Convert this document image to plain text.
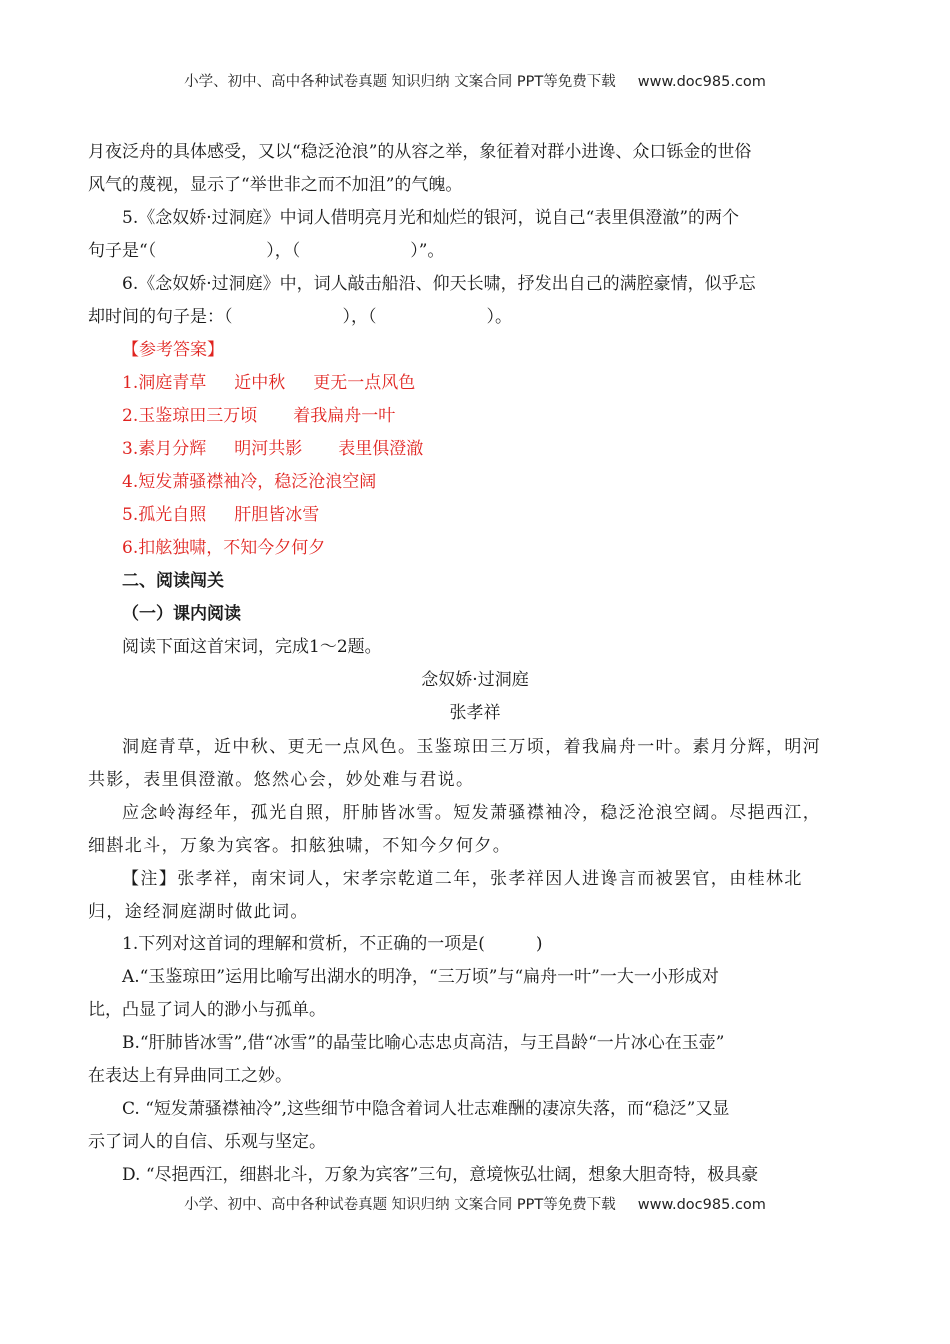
小学、初中、高中各种试卷真题 知识归纳 文案合同 PPT等免费下载 www.doc985.com

月夜泛舟的具体感受，又以“稳泛沧浪”的从容之举，象征着对群小进谗、众口铄金的世俗

风气的蔑视，显示了“举世非之而不加沮”的气魄。

5.《念奴娇·过洞庭》中词人借明亮月光和灿烂的银河，说自己“表里俱澄澈”的两个

句子是“（	），（	）”。

6.《念奴娇·过洞庭》中，词人敲击船沿、仰天长啸，抒发出自己的满腔豪情，似乎忘

却时间的句子是：（	），（	）。

【参考答案】

1.洞庭青草 近中秋 更无一点风色

2.玉鉴琼田三万顷 着我扁舟一叶

3.素月分辉 明河共影 表里俱澄澈

4.短发萧骚襟袖冷，稳泛沧浪空阔

5.孤光自照 肝胆皆冰雪

6.扣舷独啸，不知今夕何夕

二、阅读闯关

（一）课内阅读

阅读下面这首宋词，完成1～2题。

念奴娇·过洞庭

张孝祥

洞庭青草，近中秋、更无一点风色。玉鉴琼田三万顷，着我扁舟一叶。素月分辉，明河

共影，表里俱澄澈。悠然心会，妙处难与君说。

应念岭海经年，孤光自照，肝肺皆冰雪。短发萧骚襟袖冷，稳泛沧浪空阔。尽挹西江，

细斟北斗，万象为宾客。扣舷独啸，不知今夕何夕。

【注】张孝祥，南宋词人，宋孝宗乾道二年，张孝祥因人进谗言而被罢官，由桂林北

归，途经洞庭湖时做此词。

1.下列对这首词的理解和赏析，不正确的一项是(　　　)

A.“玉鉴琼田”运用比喻写出湖水的明净，“三万顷”与“扁舟一叶”一大一小形成对

比，凸显了词人的渺小与孤单。

B.“肝肺皆冰雪”,借“冰雪”的晶莹比喻心志忠贞高洁，与王昌龄“一片冰心在玉壶”

在表达上有异曲同工之妙。

C. “短发萧骚襟袖冷”,这些细节中隐含着词人壮志难酬的凄凉失落，而“稳泛”又显

示了词人的自信、乐观与坚定。

D. “尽挹西江，细斟北斗，万象为宾客”三句，意境恢弘壮阔，想象大胆奇特，极具豪

小学、初中、高中各种试卷真题 知识归纳 文案合同 PPT等免费下载 www.doc985.com
